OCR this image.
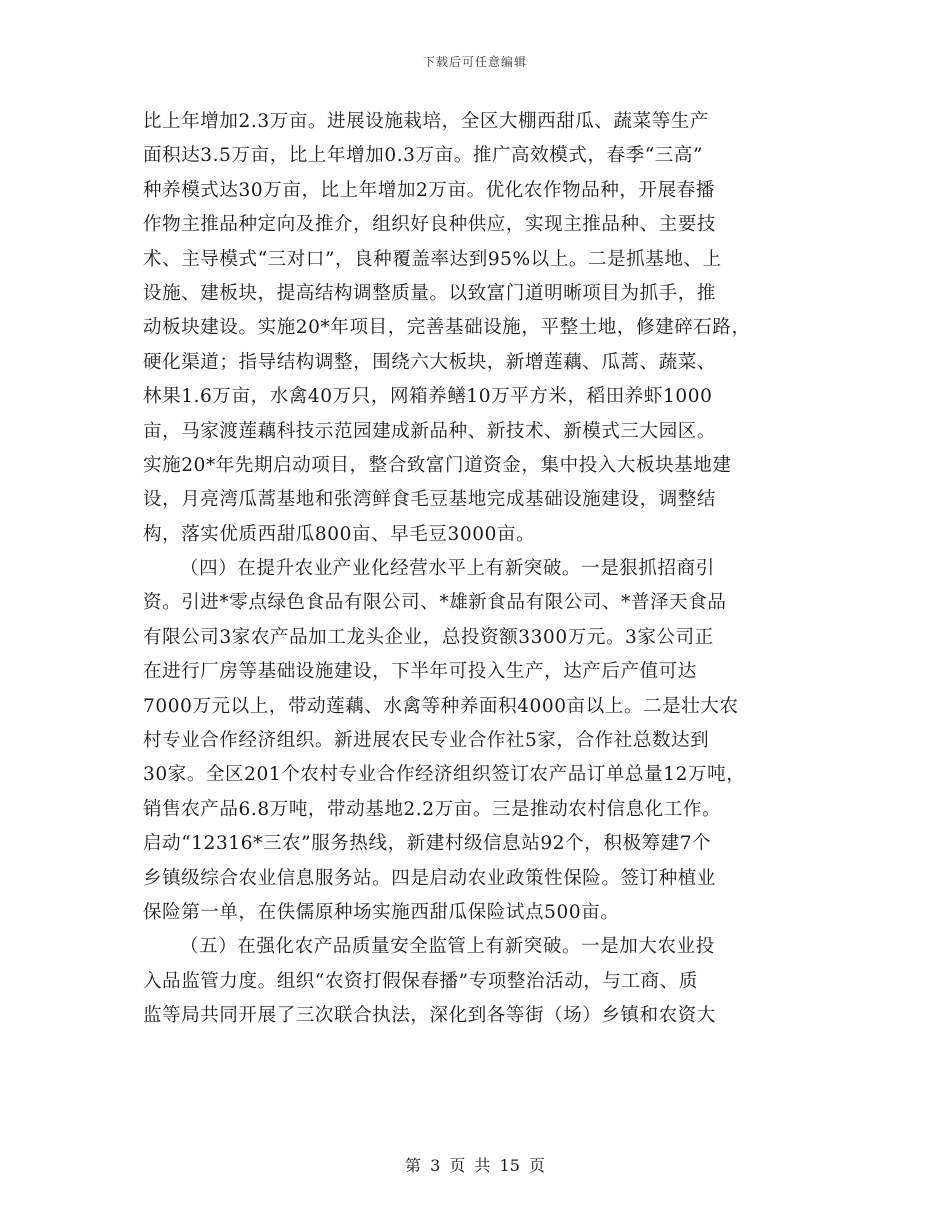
下载后可任意编辑
比上年增加2.3万亩。进展设施栽培，全区大棚西甜瓜、蔬菜等生产
面积达3.5万亩，比上年增加0.3万亩。推广高效模式，春季“三高”
种养模式达30万亩，比上年增加2万亩。优化农作物品种，开展春播
作物主推品种定向及推介，组织好良种供应，实现主推品种、主要技
术、主导模式“三对口”，良种覆盖率达到95%以上。二是抓基地、上
设施、建板块，提高结构调整质量。以致富门道明晰项目为抓手，推
动板块建设。实施20*年项目，完善基础设施，平整土地，修建碎石路，
硬化渠道；指导结构调整，围绕六大板块，新增莲藕、瓜蒿、蔬菜、
林果1.6万亩，水禽40万只，网箱养鳝10万平方米，稻田养虾1000
亩，马家渡莲藕科技示范园建成新品种、新技术、新模式三大园区。
实施20*年先期启动项目，整合致富门道资金，集中投入大板块基地建
设，月亮湾瓜蒿基地和张湾鲜食毛豆基地完成基础设施建设，调整结
构，落实优质西甜瓜800亩、早毛豆3000亩。
（四）在提升农业产业化经营水平上有新突破。一是狠抓招商引
资。引进*零点绿色食品有限公司、*雄新食品有限公司、*普泽天食品
有限公司3家农产品加工龙头企业，总投资额3300万元。3家公司正
在进行厂房等基础设施建设，下半年可投入生产，达产后产值可达
7000万元以上，带动莲藕、水禽等种养面积4000亩以上。二是壮大农
村专业合作经济组织。新进展农民专业合作社5家，合作社总数达到
30家。全区201个农村专业合作经济组织签订农产品订单总量12万吨，
销售农产品6.8万吨，带动基地2.2万亩。三是推动农村信息化工作。
启动“12316*三农”服务热线，新建村级信息站92个，积极筹建7个
乡镇级综合农业信息服务站。四是启动农业政策性保险。签订种植业
保险第一单，在佚儒原种场实施西甜瓜保险试点500亩。
（五）在强化农产品质量安全监管上有新突破。一是加大农业投
入品监管力度。组织“农资打假保春播”专项整治活动，与工商、质
监等局共同开展了三次联合执法，深化到各等街（场）乡镇和农资大
第 3 页 共 15 页
